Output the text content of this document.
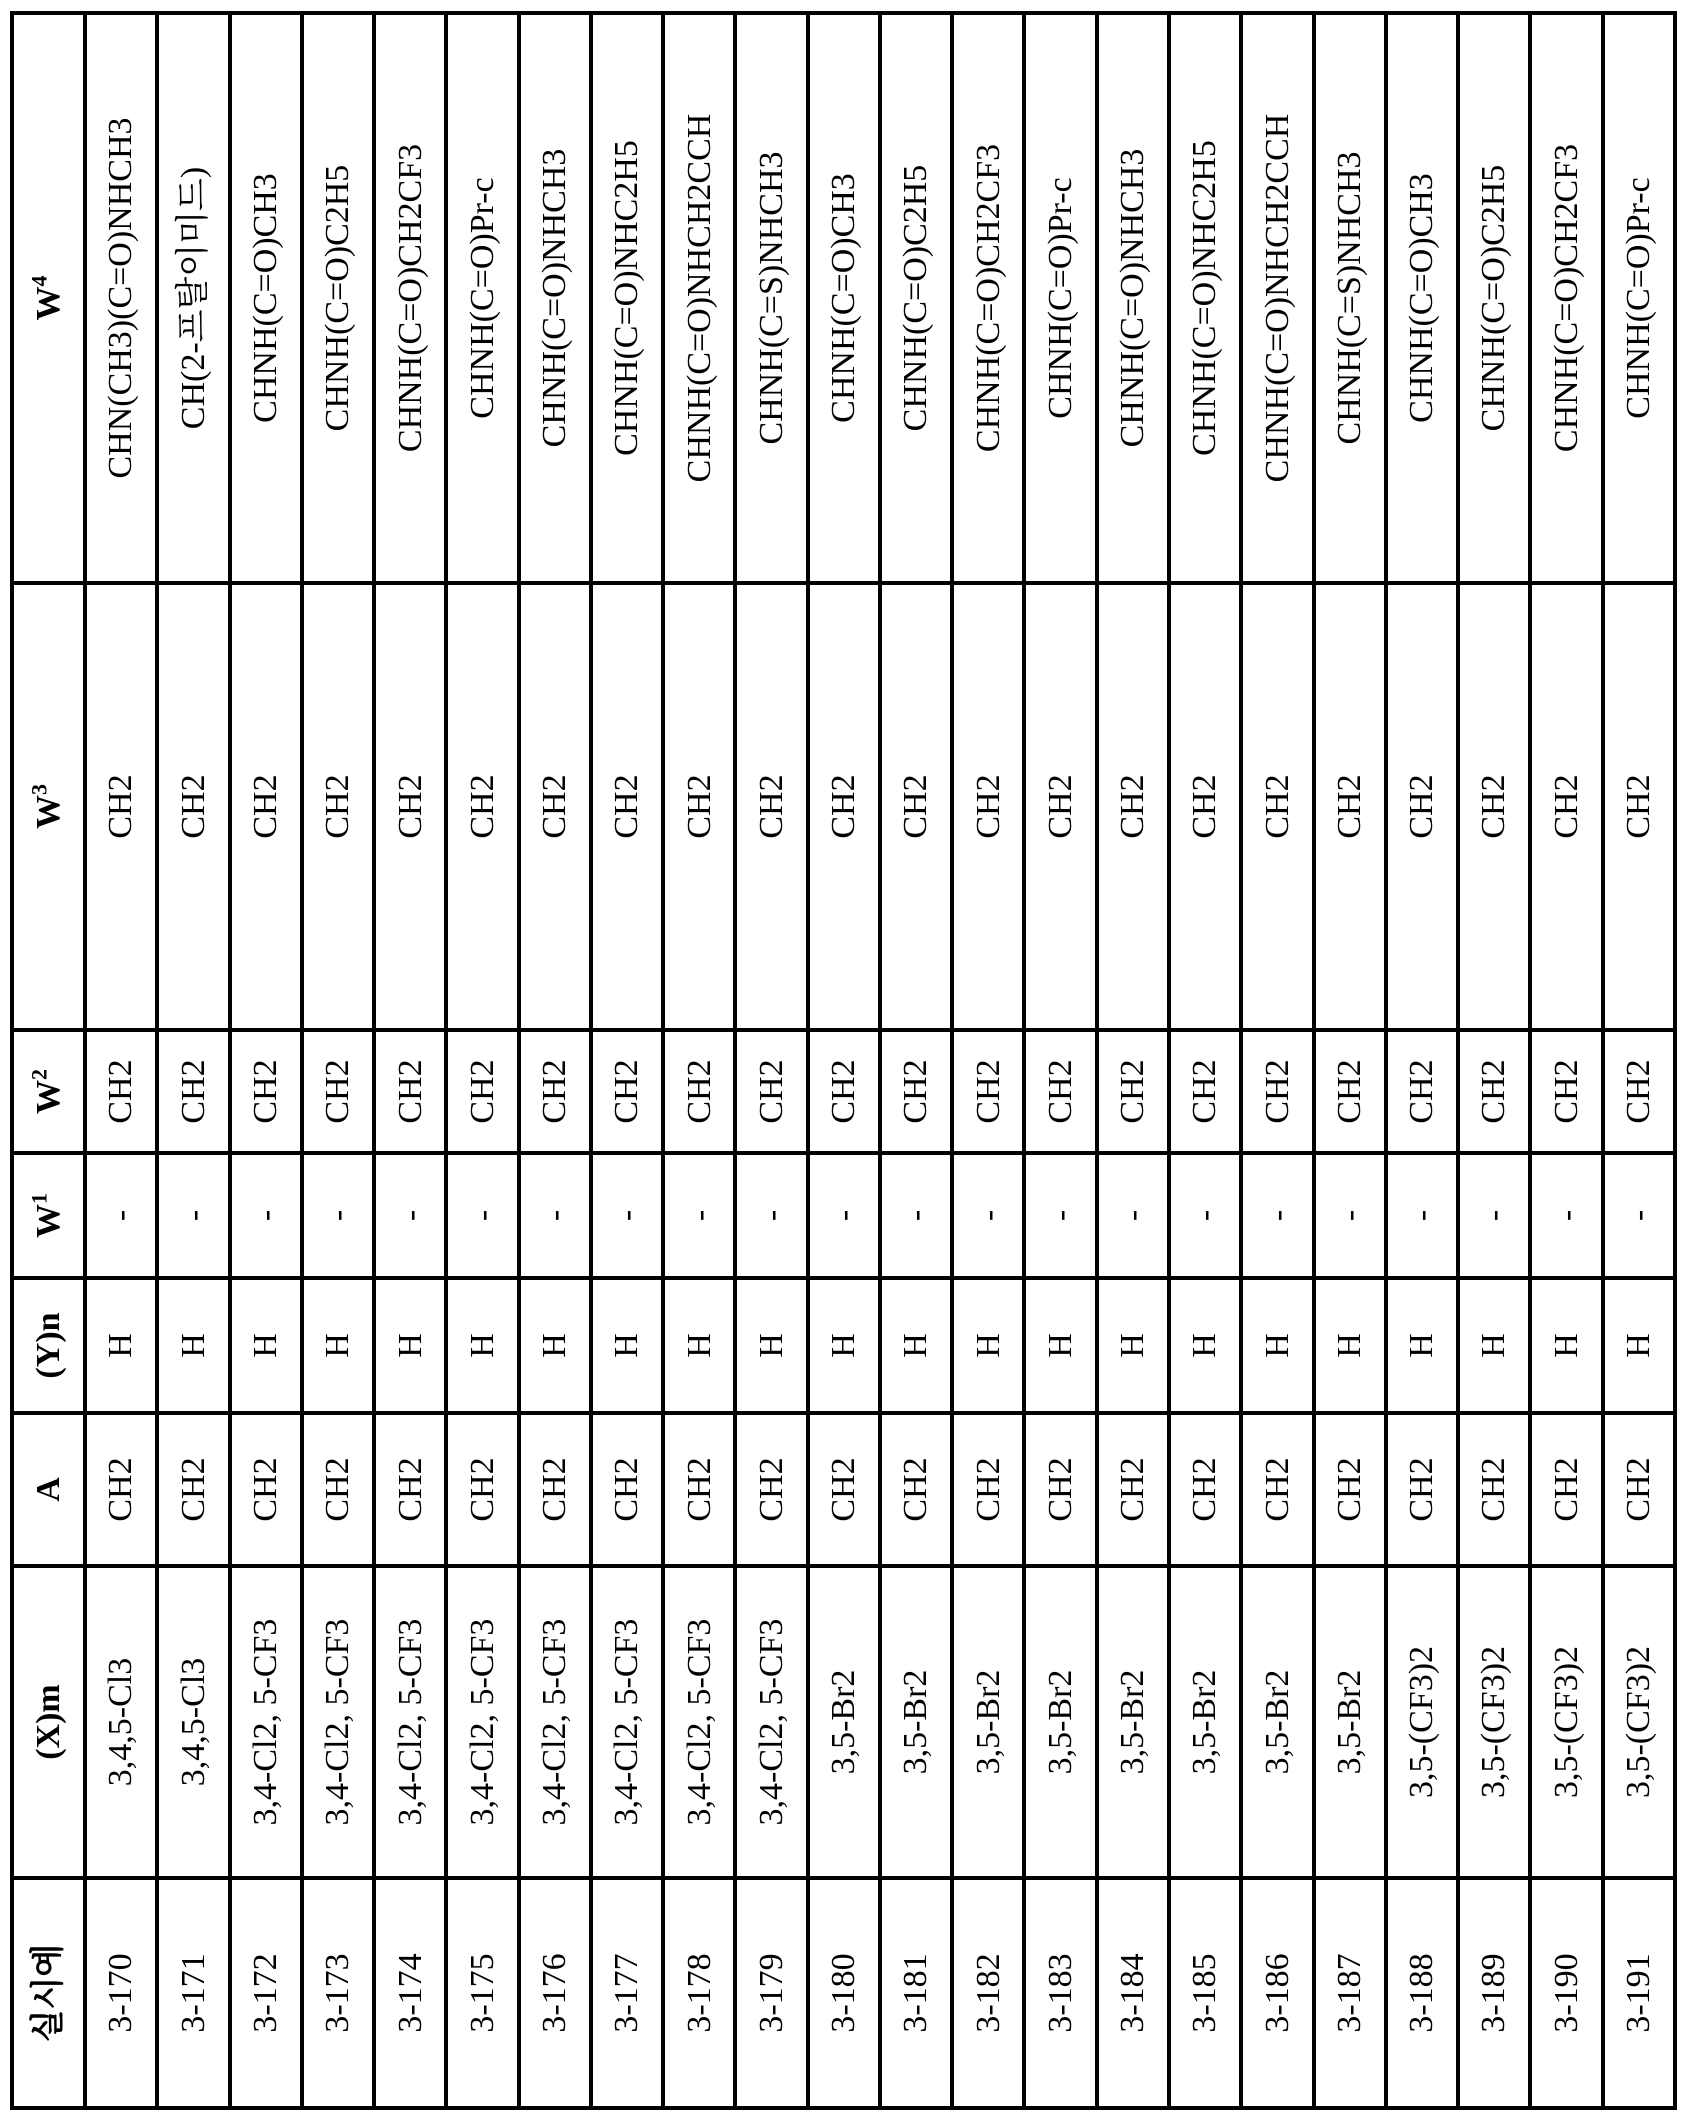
실시예	(X)m	A	(Y)n	$W^1$	$W^2$	$W^3$	$W^4$
3-170	3,4,5-Cl3	CH2	H	-	CH2	CH2	CHN(CH3)(C=O)NHCH3
3-171	3,4,5-Cl3	CH2	H	-	CH2	CH2	CH(2-프탈이미드)
3-172	3,4-Cl2, 5-CF3	CH2	H	-	CH2	CH2	CHNH(C=O)CH3
3-173	3,4-Cl2, 5-CF3	CH2	H	-	CH2	CH2	CHNH(C=O)C2H5
3-174	3,4-Cl2, 5-CF3	CH2	H	-	CH2	CH2	CHNH(C=O)CH2CF3
3-175	3,4-Cl2, 5-CF3	CH2	H	-	CH2	CH2	CHNH(C=O)Pr-c
3-176	3,4-Cl2, 5-CF3	CH2	H	-	CH2	CH2	CHNH(C=O)NHCH3
3-177	3,4-Cl2, 5-CF3	CH2	H	-	CH2	CH2	CHNH(C=O)NHC2H5
3-178	3,4-Cl2, 5-CF3	CH2	H	-	CH2	CH2	CHNH(C=O)NHCH2CCH
3-179	3,4-Cl2, 5-CF3	CH2	H	-	CH2	CH2	CHNH(C=S)NHCH3
3-180	3,5-Br2	CH2	H	-	CH2	CH2	CHNH(C=O)CH3
3-181	3,5-Br2	CH2	H	-	CH2	CH2	CHNH(C=O)C2H5
3-182	3,5-Br2	CH2	H	-	CH2	CH2	CHNH(C=O)CH2CF3
3-183	3,5-Br2	CH2	H	-	CH2	CH2	CHNH(C=O)Pr-c
3-184	3,5-Br2	CH2	H	-	CH2	CH2	CHNH(C=O)NHCH3
3-185	3,5-Br2	CH2	H	-	CH2	CH2	CHNH(C=O)NHC2H5
3-186	3,5-Br2	CH2	H	-	CH2	CH2	CHNH(C=O)NHCH2CCH
3-187	3,5-Br2	CH2	H	-	CH2	CH2	CHNH(C=S)NHCH3
3-188	3,5-(CF3)2	CH2	H	-	CH2	CH2	CHNH(C=O)CH3
3-189	3,5-(CF3)2	CH2	H	-	CH2	CH2	CHNH(C=O)C2H5
3-190	3,5-(CF3)2	CH2	H	-	CH2	CH2	CHNH(C=O)CH2CF3
3-191	3,5-(CF3)2	CH2	H	-	CH2	CH2	CHNH(C=O)Pr-c
